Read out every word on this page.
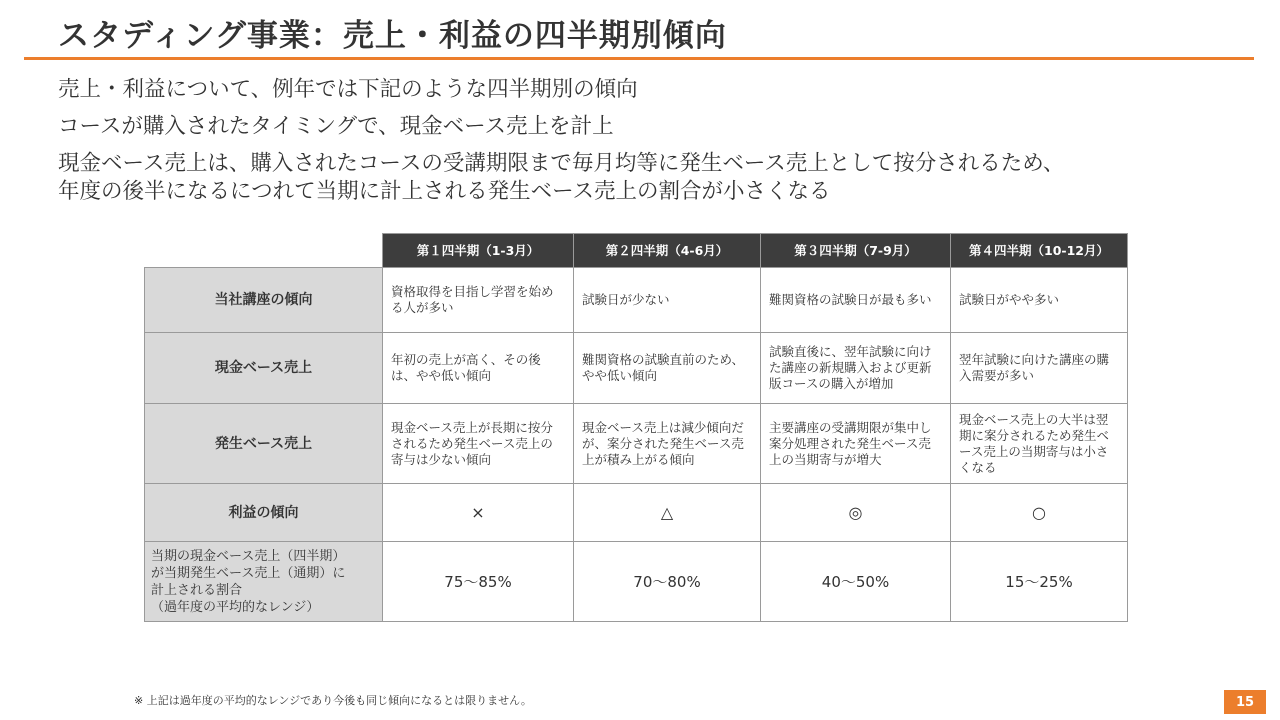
スタディング事業：売上・利益の四半期別傾向

売上・利益について、例年では下記のような四半期別の傾向

コースが購入されたタイミングで、現金ベース売上を計上

現金ベース売上は、購入されたコースの受講期限まで毎月均等に発生ベース売上として按分されるため、

年度の後半になるにつれて当期に計上される発生ベース売上の割合が小さくなる

	第１四半期（1-3月）	第２四半期（4-6月）	第３四半期（7-9月）	第４四半期（10-12月）
当社講座の傾向	資格取得を目指し学習を始める人が多い	試験日が少ない	難関資格の試験日が最も多い	試験日がやや多い
現金ベース売上	年初の売上が高く、その後は、やや低い傾向	難関資格の試験直前のため、やや低い傾向	試験直後に、翌年試験に向けた講座の新規購入および更新版コースの購入が増加	翌年試験に向けた講座の購入需要が多い
発生ベース売上	現金ベース売上が長期に按分されるため発生ベース売上の寄与は少ない傾向	現金ベース売上は減少傾向だが、案分された発生ベース売上が積み上がる傾向	主要講座の受講期限が集中し案分処理された発生ベース売上の当期寄与が増大	現金ベース売上の大半は翌期に案分されるため発生ベース売上の当期寄与は小さくなる
利益の傾向	×	△	◎	○

当期の現金ベース売上（四半期）
が当期発生ベース売上（通期）に
計上される割合
（過年度の平均的なレンジ）	75～85%	70～80%	40～50%	15～25%
※ 上記は過年度の平均的なレンジであり今後も同じ傾向になるとは限りません。	15
